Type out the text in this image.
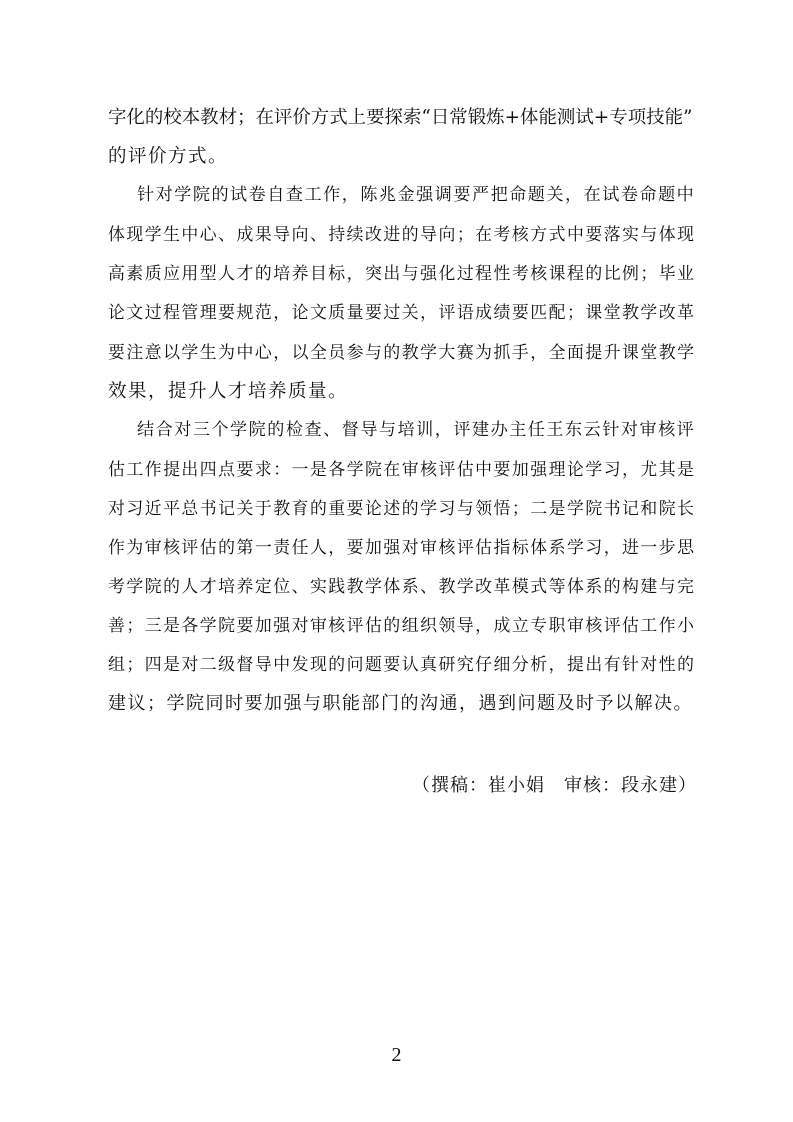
字化的校本教材；在评价方式上要探索“日常锻炼+体能测试+专项技能”
的评价方式。
针对学院的试卷自查工作，陈兆金强调要严把命题关，在试卷命题中
体现学生中心、成果导向、持续改进的导向；在考核方式中要落实与体现
高素质应用型人才的培养目标，突出与强化过程性考核课程的比例；毕业
论文过程管理要规范，论文质量要过关，评语成绩要匹配；课堂教学改革
要注意以学生为中心，以全员参与的教学大赛为抓手，全面提升课堂教学
效果，提升人才培养质量。
结合对三个学院的检查、督导与培训，评建办主任王东云针对审核评
估工作提出四点要求：一是各学院在审核评估中要加强理论学习，尤其是
对习近平总书记关于教育的重要论述的学习与领悟；二是学院书记和院长
作为审核评估的第一责任人，要加强对审核评估指标体系学习，进一步思
考学院的人才培养定位、实践教学体系、教学改革模式等体系的构建与完
善；三是各学院要加强对审核评估的组织领导，成立专职审核评估工作小
组；四是对二级督导中发现的问题要认真研究仔细分析，提出有针对性的
建议；学院同时要加强与职能部门的沟通，遇到问题及时予以解决。
（撰稿：崔小娟　审核：段永建）
2
